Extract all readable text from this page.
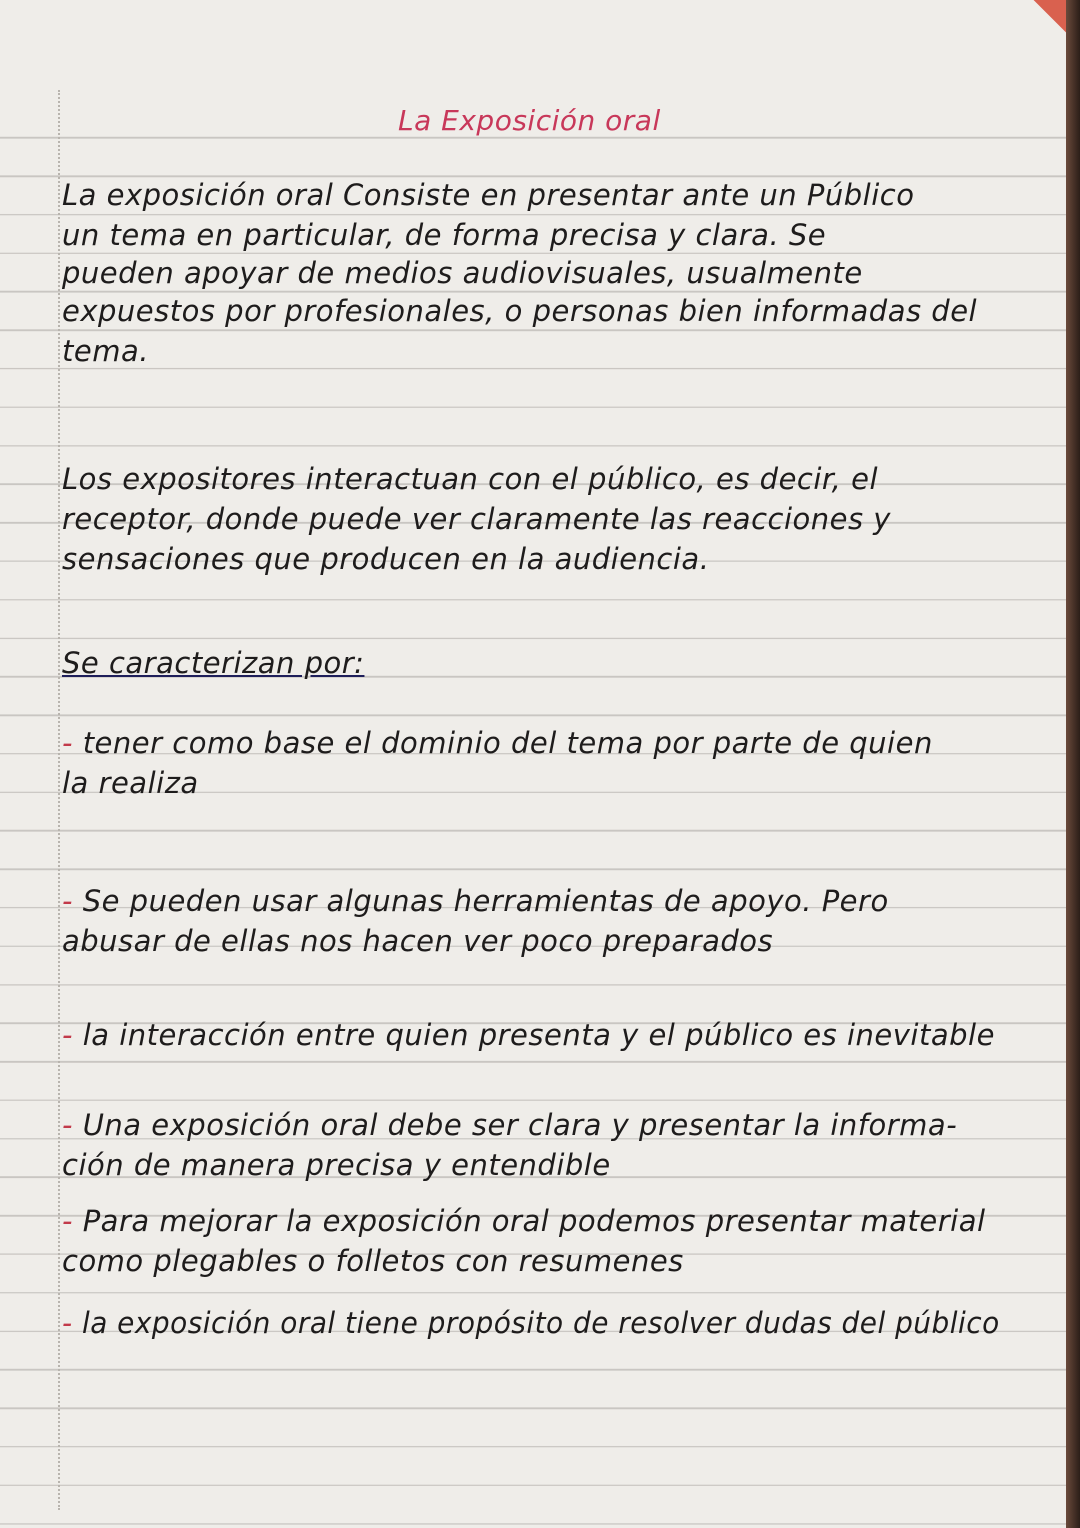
La Exposición oral
La exposición oral Consiste en presentar ante un Público
un tema en particular, de forma precisa y clara. Se
pueden apoyar de medios audiovisuales, usualmente
expuestos por profesionales, o personas bien informadas del
tema.
Los expositores interactuan con el público, es decir, el
receptor, donde puede ver claramente las reacciones y
sensaciones que producen en la audiencia.
Se caracterizan por:
- tener como base el dominio del tema por parte de quien
la realiza
- Se pueden usar algunas herramientas de apoyo. Pero
abusar de ellas nos hacen ver poco preparados
- la interacción entre quien presenta y el público es inevitable
- Una exposición oral debe ser clara y presentar la informa-
ción de manera precisa y entendible
- Para mejorar la exposición oral podemos presentar material
como plegables o folletos con resumenes
- la exposición oral tiene propósito de resolver dudas del público
